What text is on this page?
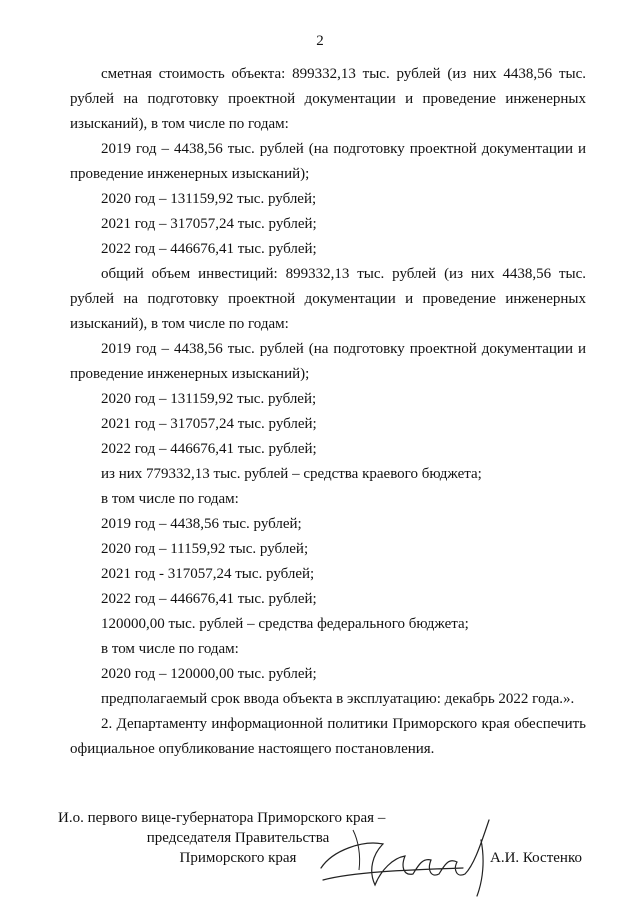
2

сметная стоимость объекта: 899332,13 тыс. рублей (из них 4438,56 тыс. рублей на подготовку проектной документации и проведение инженерных изысканий), в том числе по годам:

2019 год – 4438,56 тыс. рублей (на подготовку проектной документации и проведение инженерных изысканий);

2020 год – 131159,92 тыс. рублей;

2021 год – 317057,24 тыс. рублей;

2022 год – 446676,41 тыс. рублей;

общий объем инвестиций: 899332,13 тыс. рублей (из них 4438,56 тыс. рублей на подготовку проектной документации и проведение инженерных изысканий), в том числе по годам:

2019 год – 4438,56 тыс. рублей (на подготовку проектной документации и проведение инженерных изысканий);

2020 год – 131159,92 тыс. рублей;

2021 год – 317057,24 тыс. рублей;

2022 год – 446676,41 тыс. рублей;

из них 779332,13 тыс. рублей – средства краевого бюджета;

в том числе по годам:

2019 год – 4438,56 тыс. рублей;

2020 год – 11159,92 тыс. рублей;

2021 год - 317057,24 тыс. рублей;

2022 год – 446676,41 тыс. рублей;

120000,00 тыс. рублей – средства федерального бюджета;

в том числе по годам:

2020 год – 120000,00 тыс. рублей;

предполагаемый срок ввода объекта в эксплуатацию: декабрь 2022 года.».

2. Департаменту информационной политики Приморского края обеспечить официальное опубликование настоящего постановления.

И.о. первого вице-губернатора Приморского края –
председателя Правительства
Приморского края	А.И. Костенко
